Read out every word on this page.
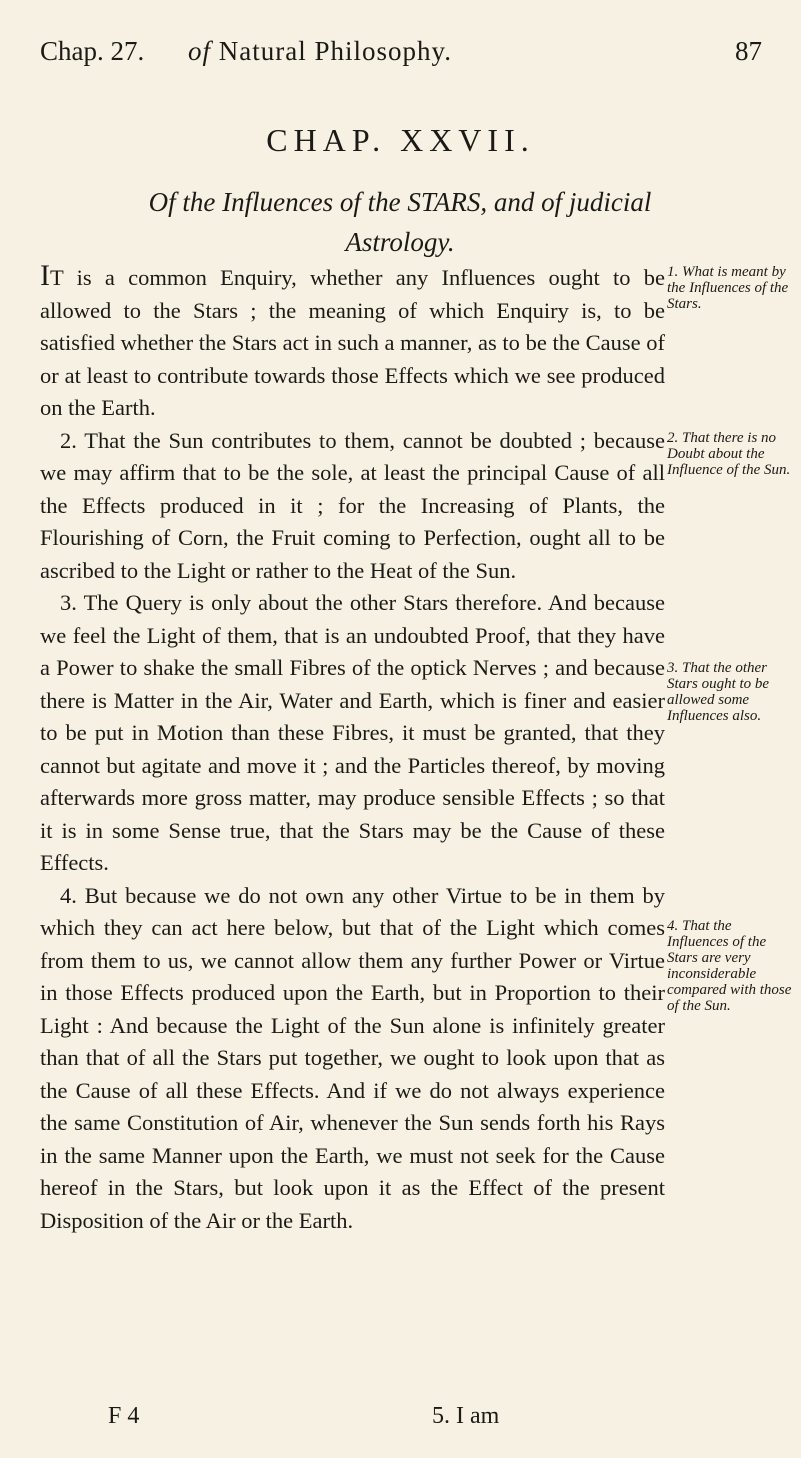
Chap. 27. of Natural Philosophy.	87
CHAP. XXVII.
Of the Influences of the STARS, and of judicial
Astrology.

IT is a common Enquiry, whether any Influences ought to be allowed to the Stars ; the meaning of which Enquiry is, to be satisfied whether the Stars act in such a manner, as to be the Cause of or at least to contribute towards those Effects which we see produced on the Earth.

2. That the Sun contributes to them, cannot be doubted ; because we may affirm that to be the sole, at least the principal Cause of all the Effects produced in it ; for the Increasing of Plants, the Flourishing of Corn, the Fruit coming to Perfection, ought all to be ascribed to the Light or rather to the Heat of the Sun.

3. The Query is only about the other Stars therefore. And because we feel the Light of them, that is an undoubted Proof, that they have a Power to shake the small Fibres of the optick Nerves ; and because there is Matter in the Air, Water and Earth, which is finer and easier to be put in Motion than these Fibres, it must be granted, that they cannot but agitate and move it ; and the Particles thereof, by moving afterwards more gross matter, may produce sensible Effects ; so that it is in some Sense true, that the Stars may be the Cause of these Effects.

4. But because we do not own any other Virtue to be in them by which they can act here below, but that of the Light which comes from them to us, we cannot allow them any further Power or Virtue in those Effects produced upon the Earth, but in Proportion to their Light : And because the Light of the Sun alone is infinitely greater than that of all the Stars put together, we ought to look upon that as the Cause of all these Effects. And if we do not always experience the same Constitution of Air, whenever the Sun sends forth his Rays in the same Manner upon the Earth, we must not seek for the Cause hereof in the Stars, but look upon it as the Effect of the present Disposition of the Air or the Earth.

1. What is meant by the Influences of the Stars.
2. That there is no Doubt about the Influence of the Sun.
3. That the other Stars ought to be allowed some Influences also.
4. That the Influences of the Stars are very inconsiderable compared with those of the Sun.
F 4	5. I am
